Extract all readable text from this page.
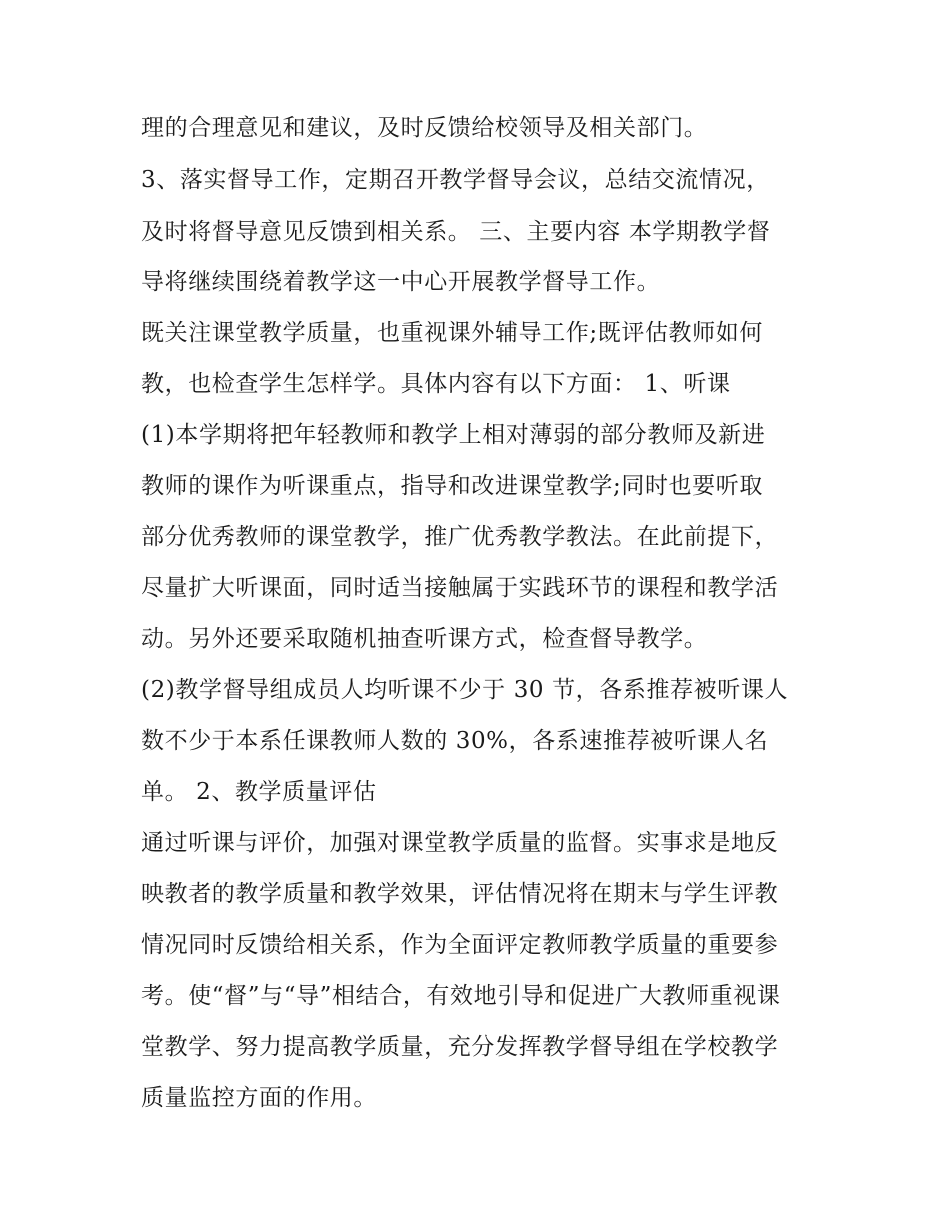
理的合理意见和建议，及时反馈给校领导及相关部门。
3、落实督导工作，定期召开教学督导会议，总结交流情况，
及时将督导意见反馈到相关系。 三、主要内容 本学期教学督
导将继续围绕着教学这一中心开展教学督导工作。
既关注课堂教学质量，也重视课外辅导工作;既评估教师如何
教，也检查学生怎样学。具体内容有以下方面： 1、听课
(1)本学期将把年轻教师和教学上相对薄弱的部分教师及新进
教师的课作为听课重点，指导和改进课堂教学;同时也要听取
部分优秀教师的课堂教学，推广优秀教学教法。在此前提下，
尽量扩大听课面，同时适当接触属于实践环节的课程和教学活
动。另外还要采取随机抽查听课方式，检查督导教学。
(2)教学督导组成员人均听课不少于 30 节，各系推荐被听课人
数不少于本系任课教师人数的 30%，各系速推荐被听课人名
单。 2、教学质量评估
通过听课与评价，加强对课堂教学质量的监督。实事求是地反
映教者的教学质量和教学效果，评估情况将在期末与学生评教
情况同时反馈给相关系，作为全面评定教师教学质量的重要参
考。使“督”与“导”相结合，有效地引导和促进广大教师重视课
堂教学、努力提高教学质量，充分发挥教学督导组在学校教学
质量监控方面的作用。
